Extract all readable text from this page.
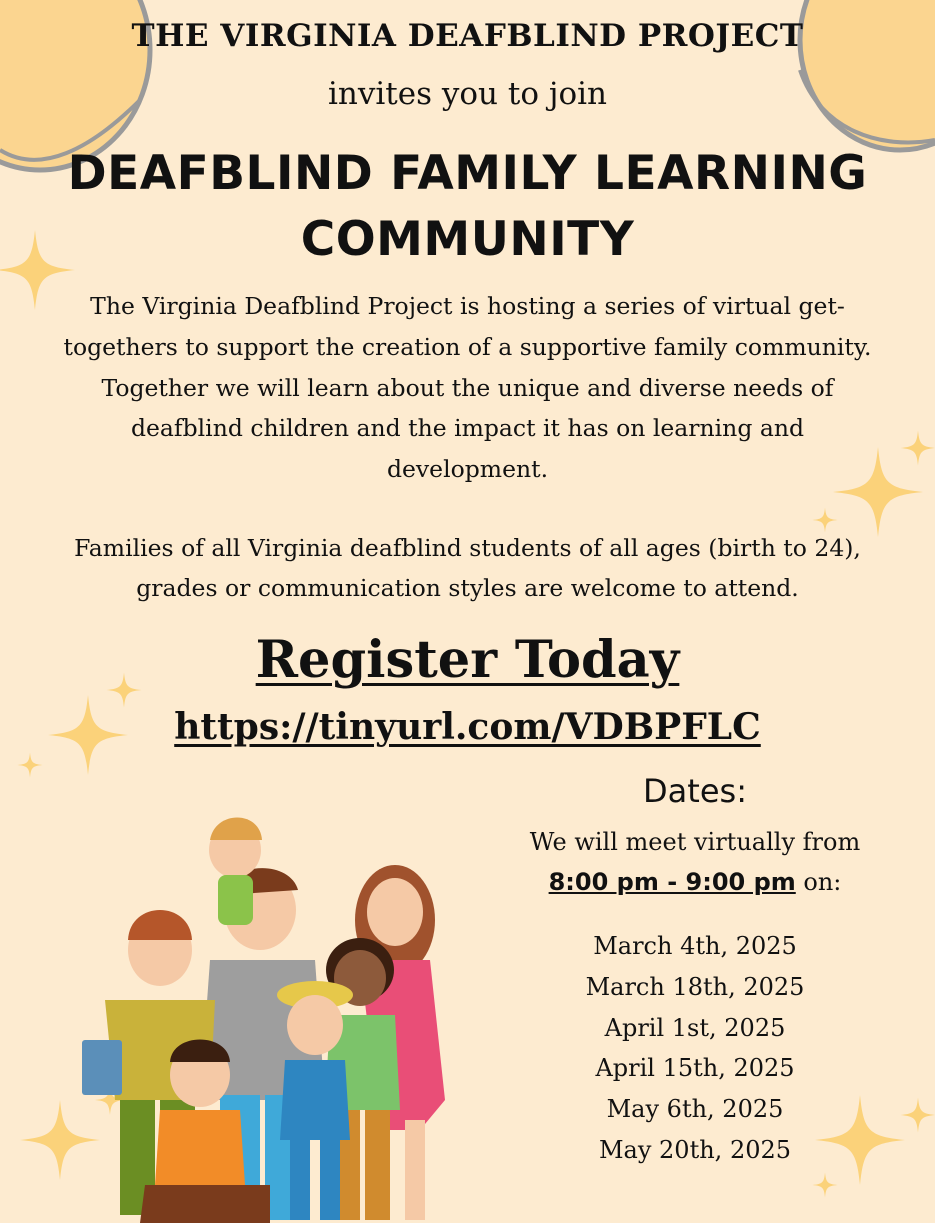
THE VIRGINIA DEAFBLIND PROJECT
invites you to join
DEAFBLIND FAMILY LEARNING
COMMUNITY
The Virginia Deafblind Project is hosting a series of virtual get-togethers to support the creation of a supportive family community. Together we will learn about the unique and diverse needs of deafblind children and the impact it has on learning and development.
Families of all Virginia deafblind students of all ages (birth to 24), grades or communication styles are welcome to attend.
Register Today
https://tinyurl.com/VDBPFLC
Dates:
We will meet virtually from
8:00 pm - 9:00 pm on:
March 4th, 2025
March 18th, 2025
April 1st, 2025
April 15th, 2025
May 6th, 2025
May 20th, 2025
